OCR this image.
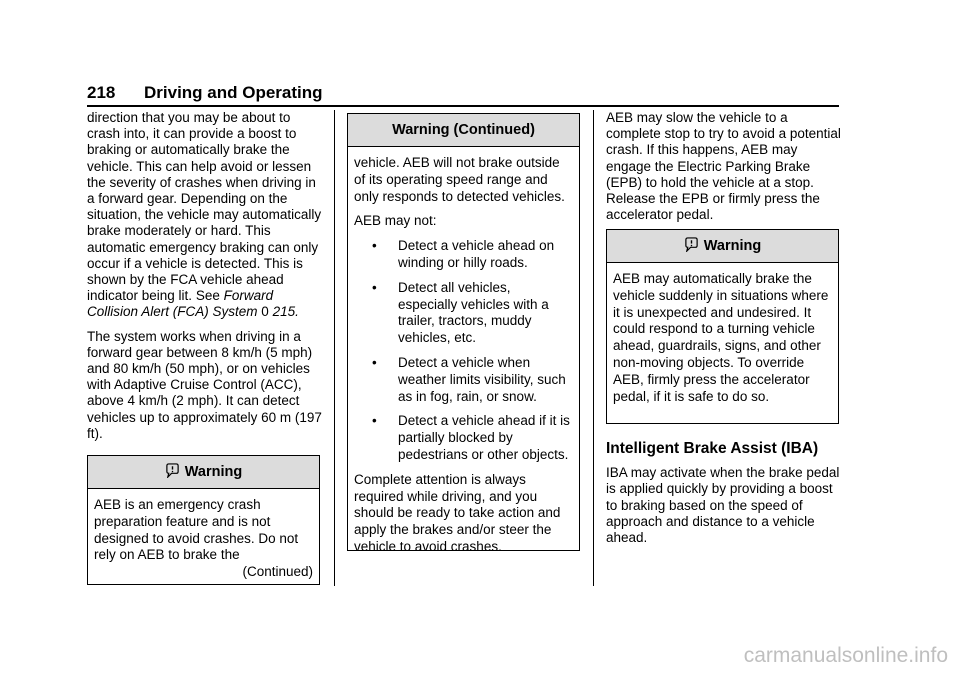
218 Driving and Operating

direction that you may be about to crash into, it can provide a boost to braking or automatically brake the vehicle. This can help avoid or lessen the severity of crashes when driving in a forward gear. Depending on the situation, the vehicle may automatically brake moderately or hard. This automatic emergency braking can only occur if a vehicle is detected. This is shown by the FCA vehicle ahead indicator being lit. See Forward Collision Alert (FCA) System 0 215.

The system works when driving in a forward gear between 8 km/h (5 mph) and 80 km/h (50 mph), or on vehicles with Adaptive Cruise Control (ACC), above 4 km/h (2 mph). It can detect vehicles up to approximately 60 m (197 ft).

Warning
AEB is an emergency crash preparation feature and is not designed to avoid crashes. Do not rely on AEB to brake the
(Continued)
Warning (Continued)

vehicle. AEB will not brake outside of its operating speed range and only responds to detected vehicles.

AEB may not:

• Detect a vehicle ahead on winding or hilly roads.
• Detect all vehicles, especially vehicles with a trailer, tractors, muddy vehicles, etc.
• Detect a vehicle when weather limits visibility, such as in fog, rain, or snow.
• Detect a vehicle ahead if it is partially blocked by pedestrians or other objects.

Complete attention is always required while driving, and you should be ready to take action and apply the brakes and/or steer the vehicle to avoid crashes.

AEB may slow the vehicle to a complete stop to try to avoid a potential crash. If this happens, AEB may engage the Electric Parking Brake (EPB) to hold the vehicle at a stop. Release the EPB or firmly press the accelerator pedal.

Warning
AEB may automatically brake the vehicle suddenly in situations where it is unexpected and undesired. It could respond to a turning vehicle ahead, guardrails, signs, and other non-moving objects. To override AEB, firmly press the accelerator pedal, if it is safe to do so.
Intelligent Brake Assist (IBA)

IBA may activate when the brake pedal is applied quickly by providing a boost to braking based on the speed of approach and distance to a vehicle ahead.

carmanualsonline.info
